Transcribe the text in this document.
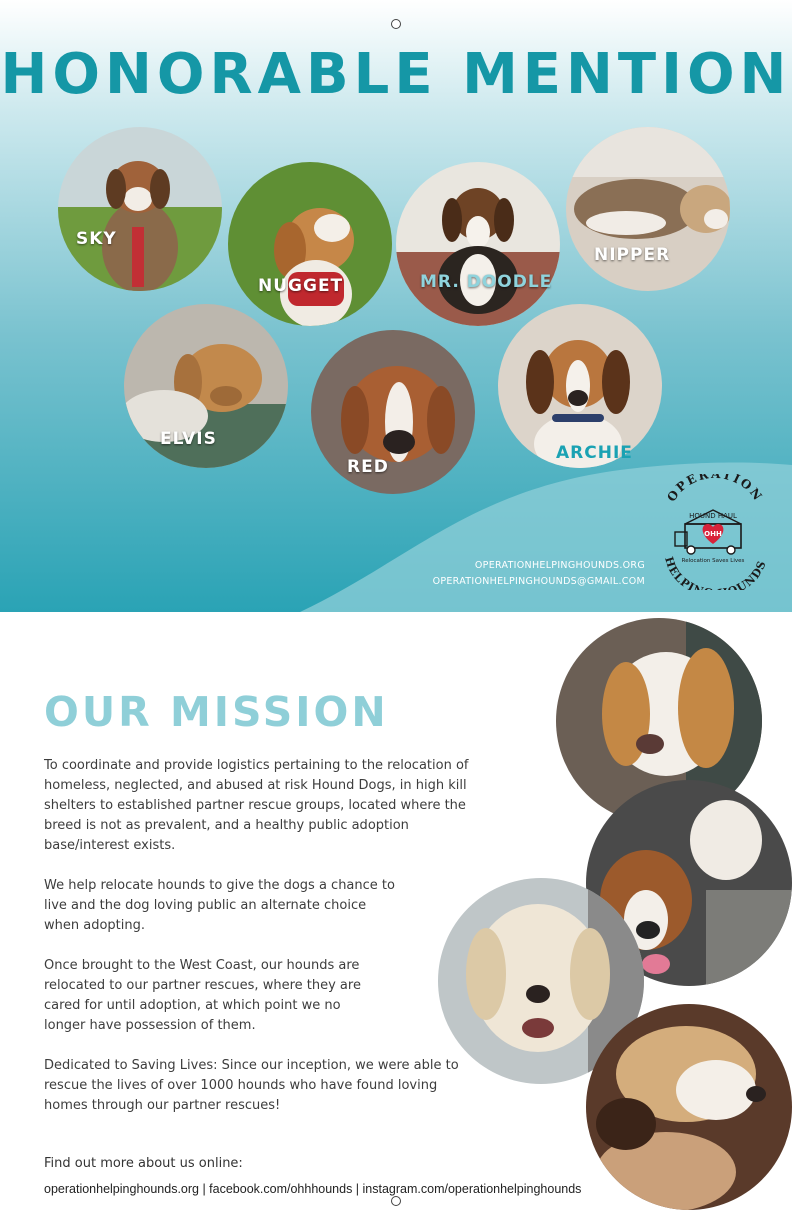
HONORABLE MENTION
SKY
NUGGET	MR. DOODLE
NIPPER
ELVIS
RED
ARCHIE
OPERATIONHELPINGHOUNDS.ORG
OPERATIONHELPINGHOUNDS@GMAIL.COM
OPERATION
HELPI UNDS
HOUND HAUL
OHH
Relocation Saves Lives
OUR MISSION

To coordinate and provide logistics pertaining to the relocation of homeless, neglected, and abused at risk Hound Dogs, in high kill shelters to established partner rescue groups, located where the breed is not as prevalent, and a healthy public adoption base/interest exists.

We help relocate hounds to give the dogs a chance to live and the dog loving public an alternate choice when adopting.

Once brought to the West Coast, our hounds are relocated to our partner rescues, where they are cared for until adoption, at which point we no longer have possession of them.

Dedicated to Saving Lives: Since our inception, we were able to rescue the lives of over 1000 hounds who have found loving homes through our partner rescues!

Find out more about us online:
operationhelpinghounds.org | facebook.com/ohhhounds | instagram.com/operationhelpinghounds
